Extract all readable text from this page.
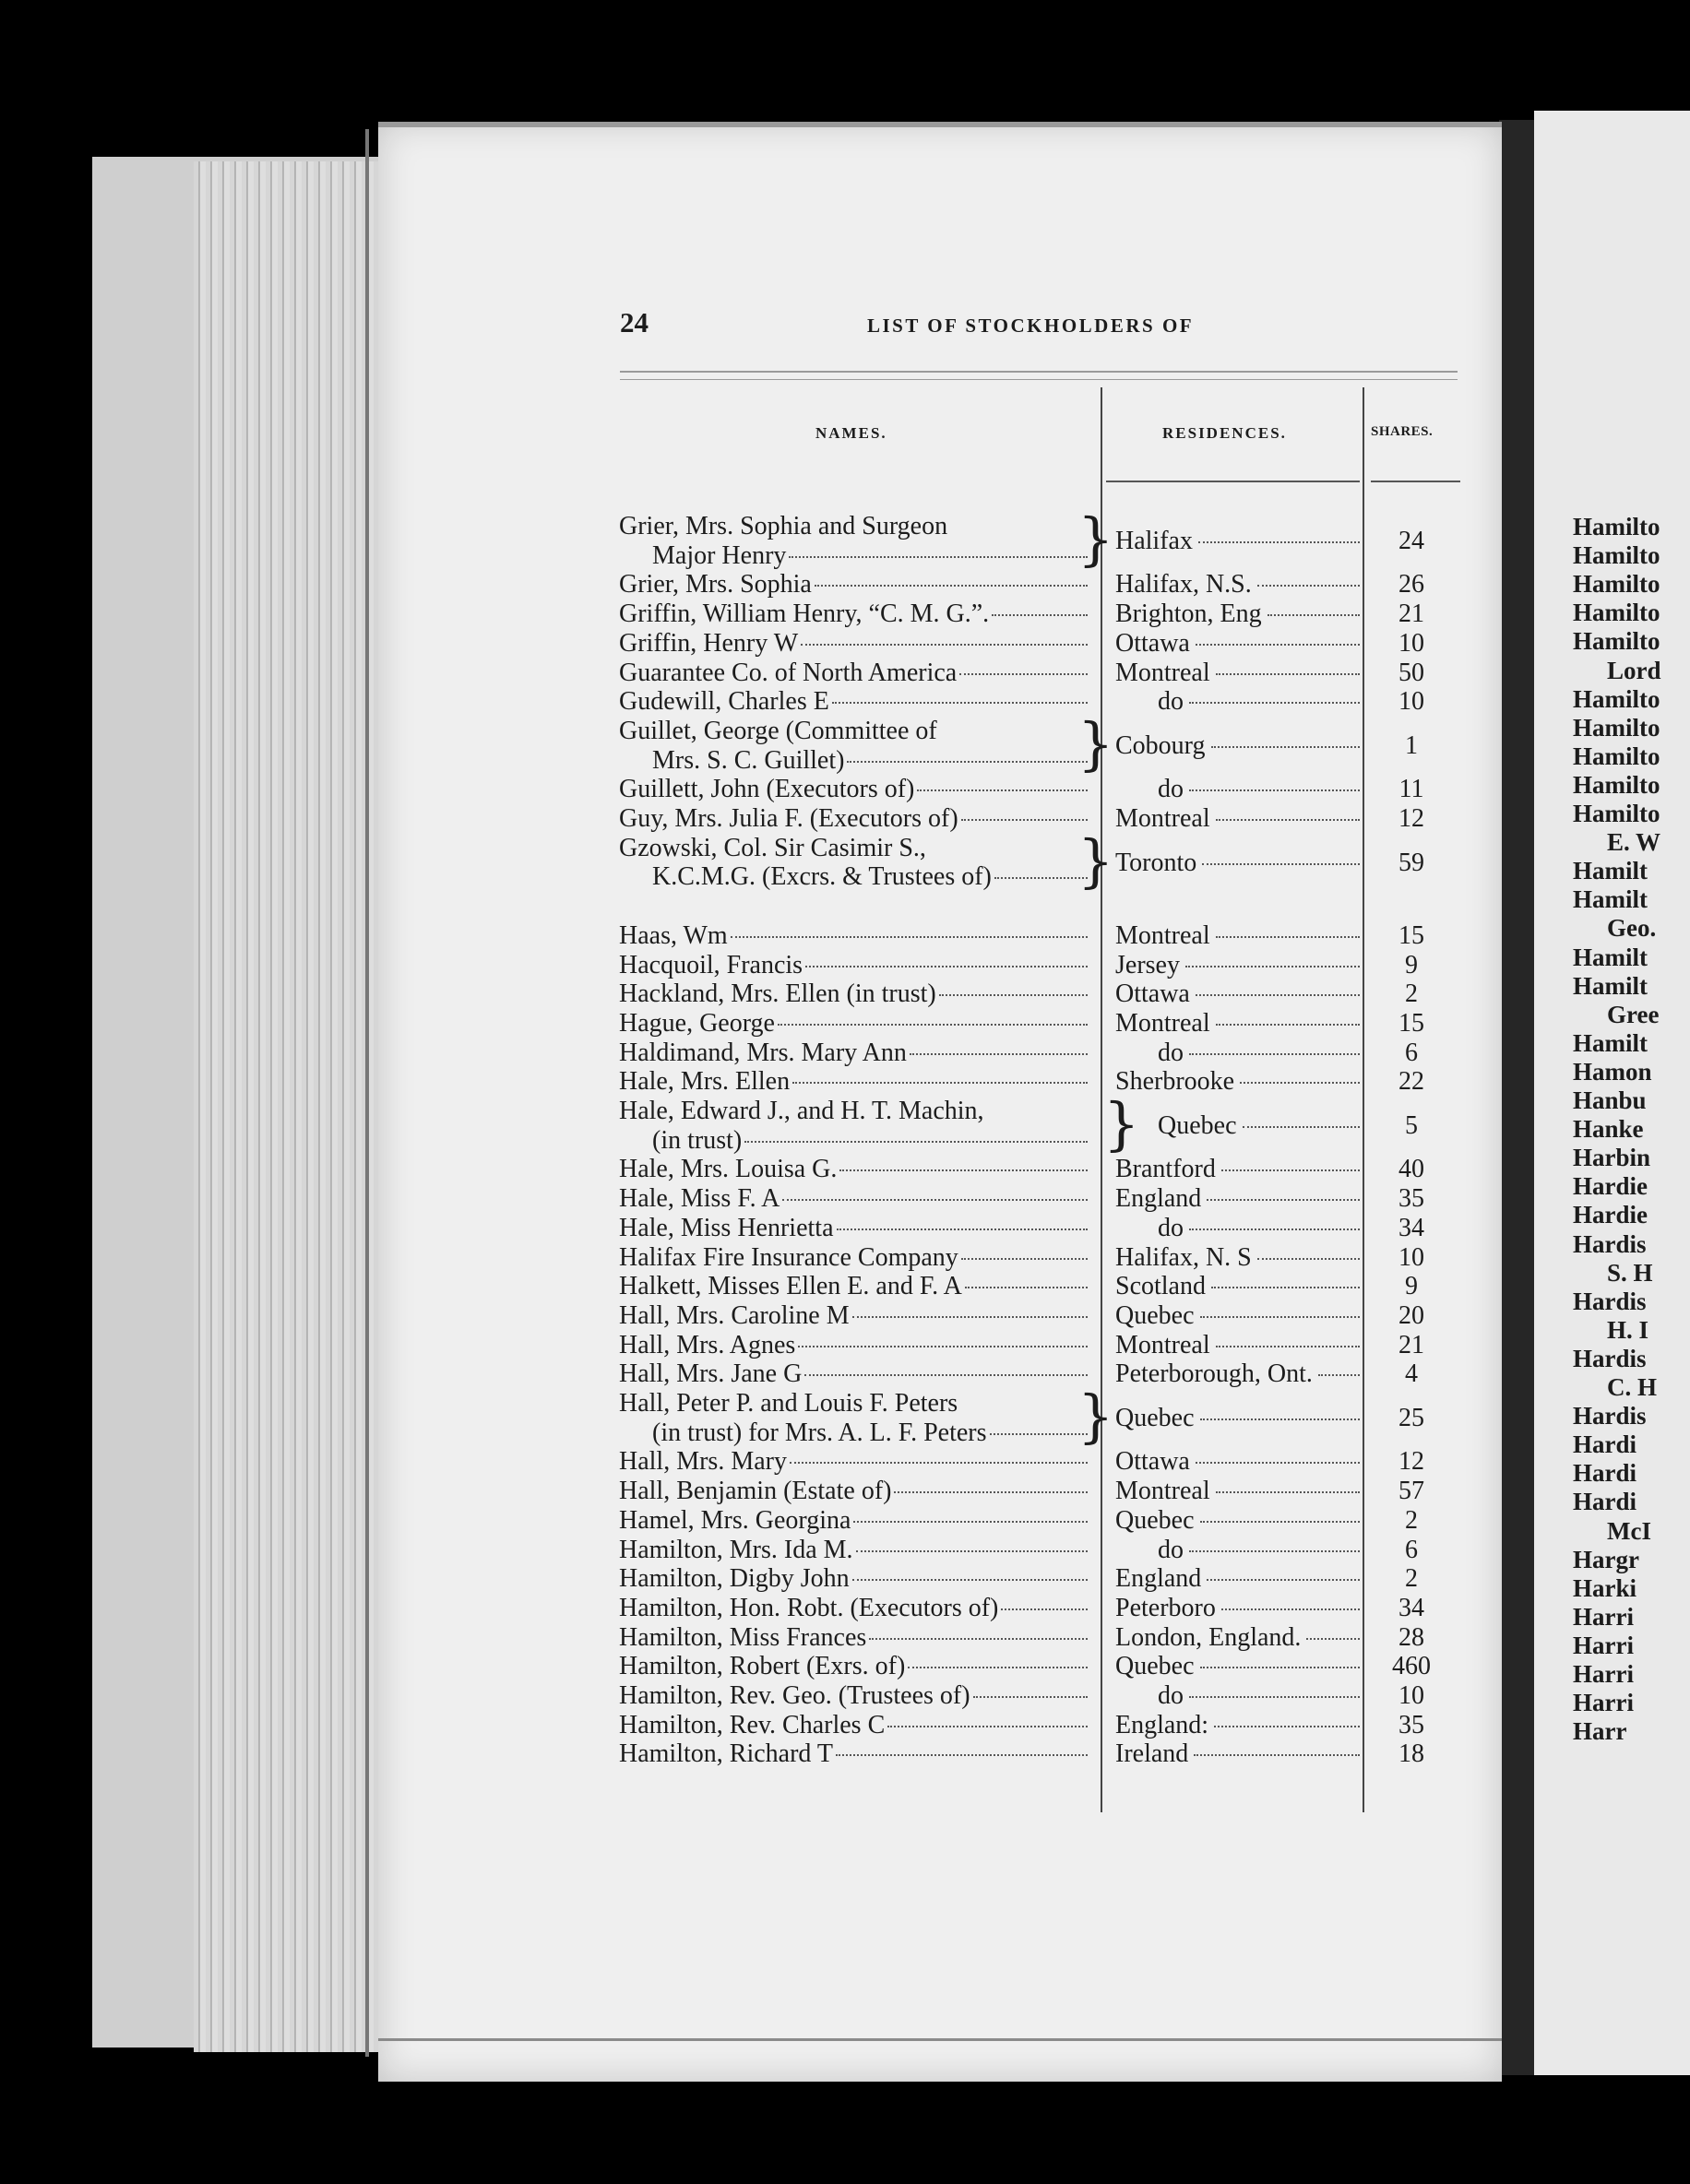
24	LIST OF STOCKHOLDERS OF
NAMES.	RESIDENCES.	SHARES.
Grier, Mrs. Sophia and Surgeon
Major Henry	} Halifax	24
Grier, Mrs. Sophia	Halifax, N.S.	26
Griffin, William Henry, “C. M. G.”.	Brighton, Eng	21
Griffin, Henry W	Ottawa	10
Guarantee Co. of North America	Montreal	50
Gudewill, Charles E	do	10
Guillet, George (Committee of
Mrs. S. C. Guillet)	} Cobourg	1
Guillett, John (Executors of)	do	11
Guy, Mrs. Julia F. (Executors of)	Montreal	12
Gzowski, Col. Sir Casimir S.,
K.C.M.G. (Excrs. & Trustees of) } Toronto	59
Haas, Wm	Montreal	15
Hacquoil, Francis	Jersey	9
Hackland, Mrs. Ellen (in trust)	Ottawa	2
Hague, George	Montreal	15
Haldimand, Mrs. Mary Ann	do	6
Hale, Mrs. Ellen	Sherbrooke	22
Hale, Edward J., and H. T. Machin,
(in trust)	} Quebec	5
Hale, Mrs. Louisa G.	Brantford	40
Hale, Miss F. A	England	35
Hale, Miss Henrietta	do	34
Halifax Fire Insurance Company	Halifax, N. S	10
Halkett, Misses Ellen E. and F. A	Scotland	9
Hall, Mrs. Caroline M	Quebec	20
Hall, Mrs. Agnes	Montreal	21
Hall, Mrs. Jane G	Peterborough, Ont.	4
Hall, Peter P. and Louis F. Peters
(in trust) for Mrs. A. L. F. Peters } Quebec	25
Hall, Mrs. Mary	Ottawa	12
Hall, Benjamin (Estate of)	Montreal	57
Hamel, Mrs. Georgina	Quebec	2
Hamilton, Mrs. Ida M.	do	6
Hamilton, Digby John	England	2
Hamilton, Hon. Robt. (Executors of)	Peterboro	34
Hamilton, Miss Frances	London, England.	28
Hamilton, Robert (Exrs. of)	Quebec	460
Hamilton, Rev. Geo. (Trustees of)	do	10
Hamilton, Rev. Charles C	England:	35
Hamilton, Richard T	Ireland	18
Hamilto
Hamilto
Hamilto
Hamilto
Hamilto
Lord
Hamilto
Hamilto
Hamilto
Hamilto
Hamilto
E. W
Hamilt
Hamilt
Geo.
Hamilt
Hamilt
Gree
Hamilt
Hamon
Hanbu
Hanke
Harbin
Hardie
Hardie
Hardis
S. H
Hardis
H. I
Hardis
C. H
Hardis
Hardi
Hardi
Hardi
McI
Hargr
Harki
Harri
Harri
Harri
Harri
Harr
